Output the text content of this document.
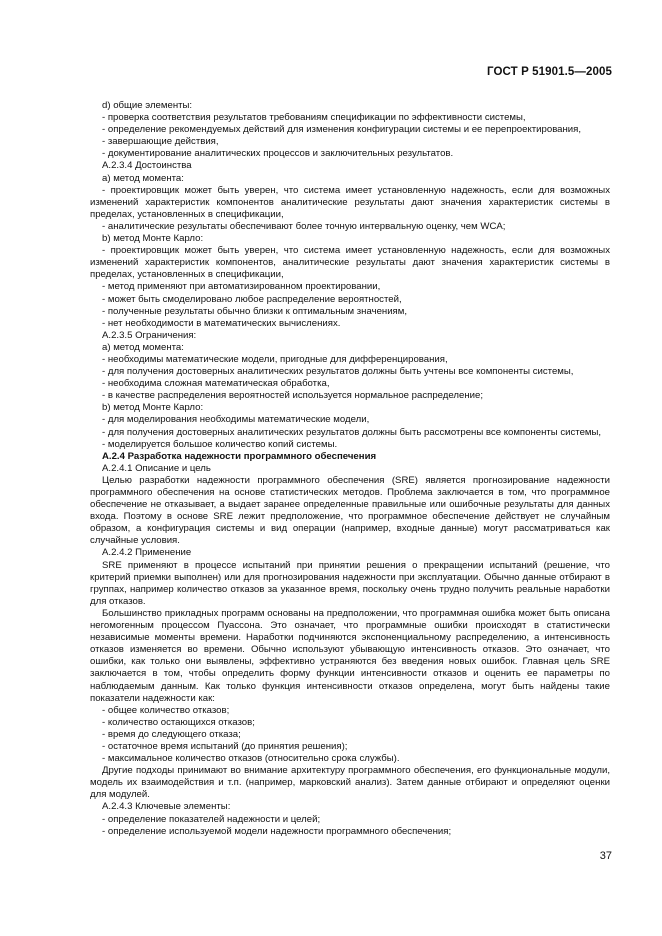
ГОСТ Р 51901.5—2005

d) общие элементы:

- проверка соответствия результатов требованиям спецификации по эффективности системы,

- определение рекомендуемых действий для изменения конфигурации системы и ее перепроектирования,

- завершающие действия,

- документирование аналитических процессов и заключительных результатов.

А.2.3.4 Достоинства

а) метод момента:

- проектировщик может быть уверен, что система имеет установленную надежность, если для возможных изменений характеристик компонентов аналитические результаты дают значения характеристик системы в пределах, установленных в спецификации,

- аналитические результаты обеспечивают более точную интервальную оценку, чем WCA;

b) метод Монте Карло:

- проектировщик может быть уверен, что система имеет установленную надежность, если для возможных изменений характеристик компонентов, аналитические результаты дают значения характеристик системы в пределах, установленных в спецификации,

- метод применяют при автоматизированном проектировании,

- может быть смоделировано любое распределение вероятностей,

- полученные результаты обычно близки к оптимальным значениям,

- нет необходимости в математических вычислениях.

А.2.3.5 Ограничения:

а) метод момента:

- необходимы математические модели, пригодные для дифференцирования,

- для получения достоверных аналитических результатов должны быть учтены все компоненты системы,

- необходима сложная математическая обработка,

- в качестве распределения вероятностей используется нормальное распределение;

b) метод Монте Карло:

- для моделирования необходимы математические модели,

- для получения достоверных аналитических результатов должны быть рассмотрены все компоненты системы,

- моделируется большое количество копий системы.

А.2.4 Разработка надежности программного обеспечения

А.2.4.1 Описание и цель

Целью разработки надежности программного обеспечения (SRE) является прогнозирование надежности программного обеспечения на основе статистических методов. Проблема заключается в том, что программное обеспечение не отказывает, а выдает заранее определенные правильные или ошибочные результаты для данных входа. Поэтому в основе SRE лежит предположение, что программное обеспечение действует не случайным образом, а конфигурация системы и вид операции (например, входные данные) могут рассматриваться как случайные условия.

А.2.4.2 Применение

SRE применяют в процессе испытаний при принятии решения о прекращении испытаний (решение, что критерий приемки выполнен) или для прогнозирования надежности при эксплуатации. Обычно данные отбирают в группах, например количество отказов за указанное время, поскольку очень трудно получить реальные наработки для отказов.

Большинство прикладных программ основаны на предположении, что программная ошибка может быть описана негомогенным процессом Пуассона. Это означает, что программные ошибки происходят в статистически независимые моменты времени. Наработки подчиняются экспоненциальному распределению, а интенсивность отказов изменяется во времени. Обычно используют убывающую интенсивность отказов. Это означает, что ошибки, как только они выявлены, эффективно устраняются без введения новых ошибок. Главная цель SRE заключается в том, чтобы определить форму функции интенсивности отказов и оценить ее параметры по наблюдаемым данным. Как только функция интенсивности отказов определена, могут быть найдены такие показатели надежности как:

- общее количество отказов;

- количество остающихся отказов;

- время до следующего отказа;

- остаточное время испытаний (до принятия решения);

- максимальное количество отказов (относительно срока службы).

Другие подходы принимают во внимание архитектуру программного обеспечения, его функциональные модули, модель их взаимодействия и т.п. (например, марковский анализ). Затем данные отбирают и определяют оценки для модулей.

А.2.4.3 Ключевые элементы:

- определение показателей надежности и целей;

- определение используемой модели надежности программного обеспечения;

37
